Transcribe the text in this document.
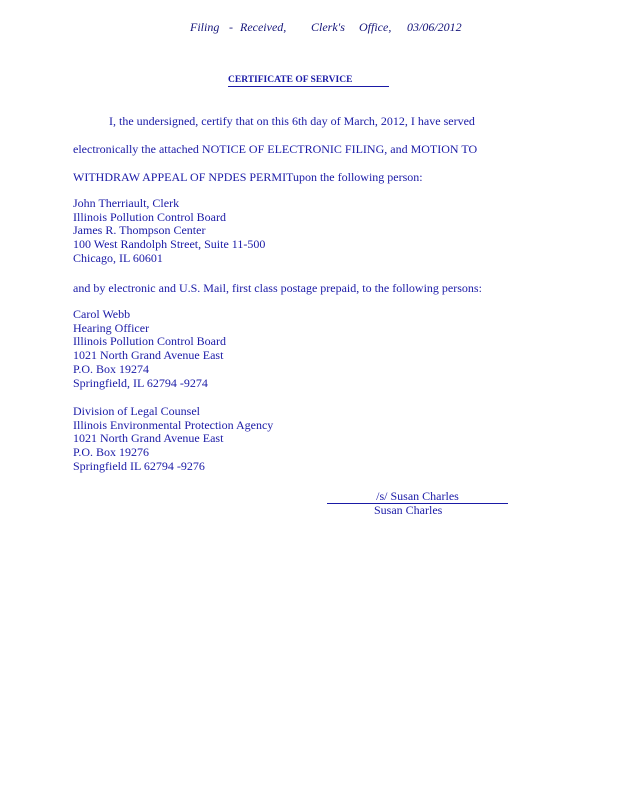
Filing - Received, Clerk's Office, 03/06/2012
CERTIFICATE OF SERVICE
I, the undersigned, certify that on this 6th day of March, 2012, I have served
electronically the attached NOTICE OF ELECTRONIC FILING, and MOTION TO
WITHDRAW APPEAL OF NPDES PERMITupon the following person:
John Therriault, Clerk
Illinois Pollution Control Board
James R. Thompson Center
100 West Randolph Street, Suite 11-500
Chicago, IL 60601
and by electronic and U.S. Mail, first class postage prepaid, to the following persons:
Carol Webb
Hearing Officer
Illinois Pollution Control Board
1021 North Grand Avenue East
P.O. Box 19274
Springfield, IL 62794 -9274
Division of Legal Counsel
Illinois Environmental Protection Agency
1021 North Grand Avenue East
P.O. Box 19276
Springfield IL 62794 -9276
/s/ Susan Charles
Susan Charles
